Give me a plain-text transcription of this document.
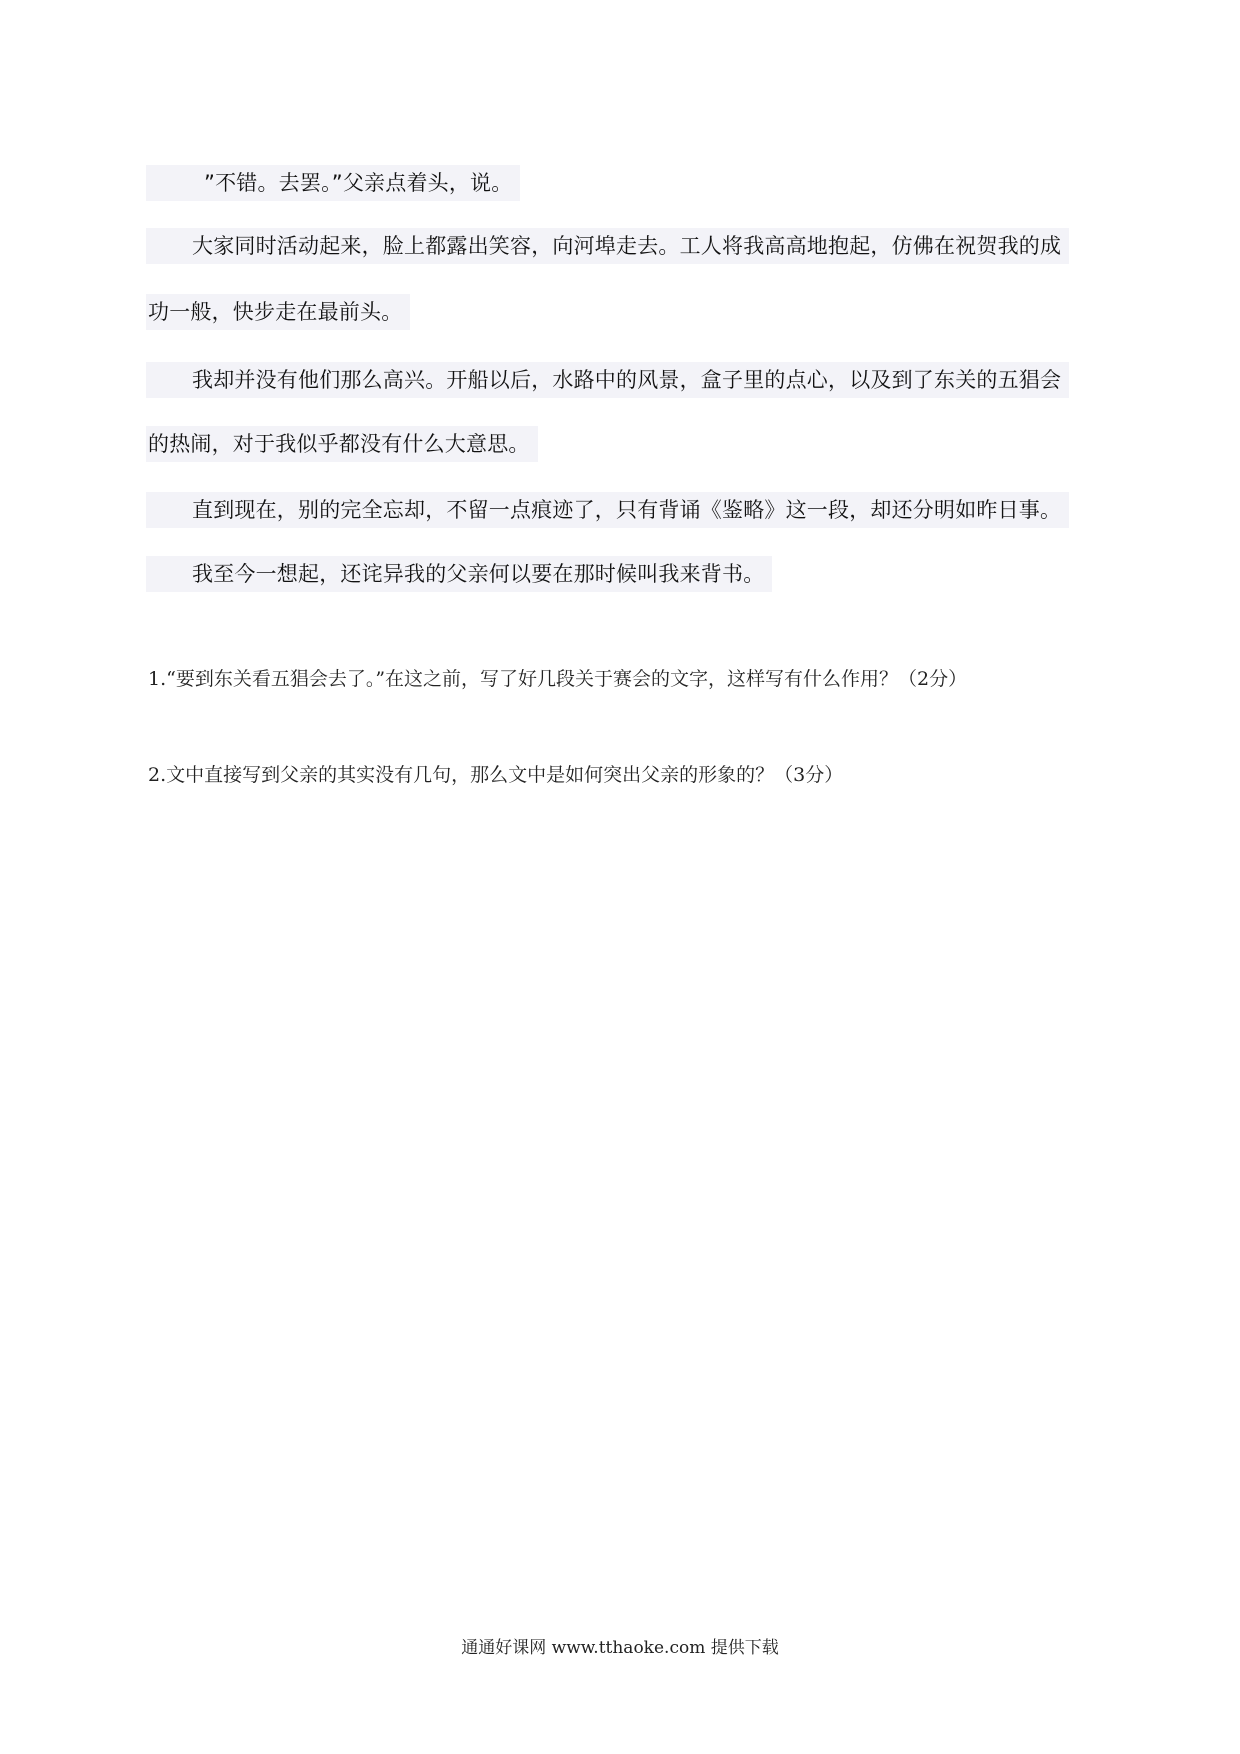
”不错。去罢。”父亲点着头，说。
大家同时活动起来，脸上都露出笑容，向河埠走去。工人将我高高地抱起，仿佛在祝贺我的成
功一般，快步走在最前头。
我却并没有他们那么高兴。开船以后，水路中的风景，盒子里的点心，以及到了东关的五猖会
的热闹，对于我似乎都没有什么大意思。
直到现在，别的完全忘却，不留一点痕迹了，只有背诵《鉴略》这一段，却还分明如昨日事。
我至今一想起，还诧异我的父亲何以要在那时候叫我来背书。
1.“要到东关看五猖会去了。”在这之前，写了好几段关于赛会的文字，这样写有什么作用？（2分）
2.文中直接写到父亲的其实没有几句，那么文中是如何突出父亲的形象的？（3分）
通通好课网 www.tthaoke.com 提供下载
